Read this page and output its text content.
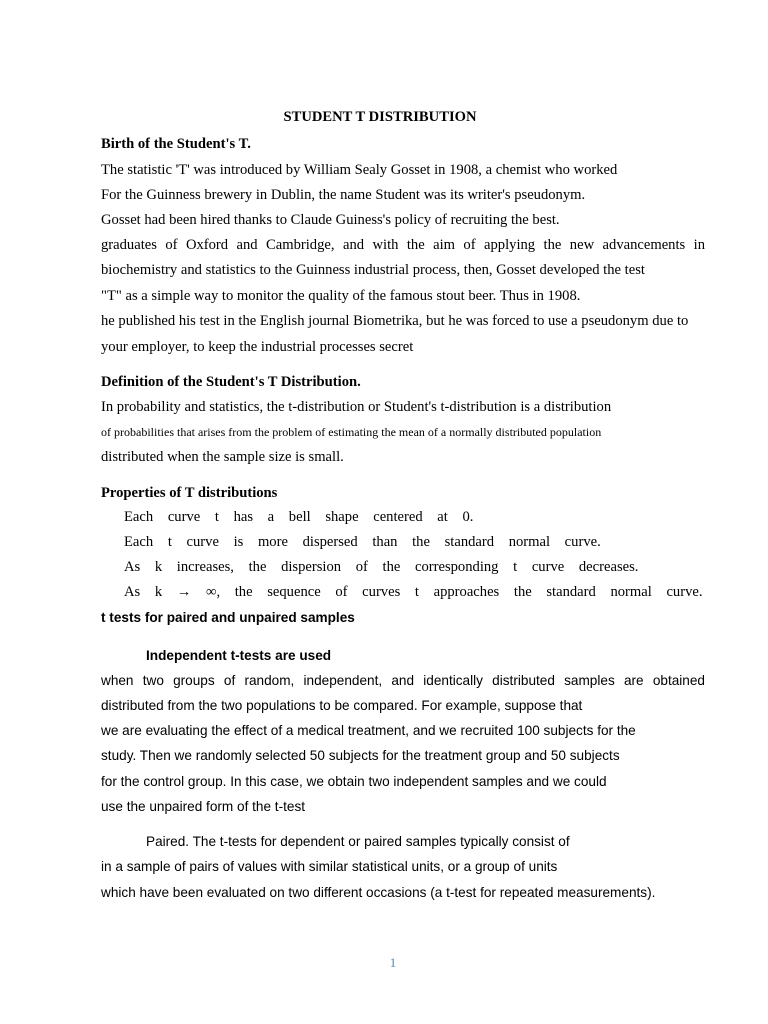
STUDENT T DISTRIBUTION
Birth of the Student's T.
The statistic 'T' was introduced by William Sealy Gosset in 1908, a chemist who worked
For the Guinness brewery in Dublin, the name Student was its writer's pseudonym.
Gosset had been hired thanks to Claude Guiness's policy of recruiting the best.
graduates of Oxford and Cambridge, and with the aim of applying the new advancements in
biochemistry and statistics to the Guinness industrial process, then, Gosset developed the test
"T" as a simple way to monitor the quality of the famous stout beer. Thus in 1908.
he published his test in the English journal Biometrika, but he was forced to use a pseudonym due to
your employer, to keep the industrial processes secret
Definition of the Student's T Distribution.
In probability and statistics, the t-distribution or Student's t-distribution is a distribution
of probabilities that arises from the problem of estimating the mean of a normally distributed population
distributed when the sample size is small.
Properties of T distributions
Each curve t has a bell shape centered at 0.
Each t curve is more dispersed than the standard normal curve.
As k increases, the dispersion of the corresponding t curve decreases.
As k → ∞, the sequence of curves t approaches the standard normal curve.
t tests for paired and unpaired samples
Independent t-tests are used
when two groups of random, independent, and identically distributed samples are obtained
distributed from the two populations to be compared. For example, suppose that
we are evaluating the effect of a medical treatment, and we recruited 100 subjects for the
study. Then we randomly selected 50 subjects for the treatment group and 50 subjects
for the control group. In this case, we obtain two independent samples and we could
use the unpaired form of the t-test
Paired. The t-tests for dependent or paired samples typically consist of
in a sample of pairs of values with similar statistical units, or a group of units
which have been evaluated on two different occasions (a t-test for repeated measurements).
1
